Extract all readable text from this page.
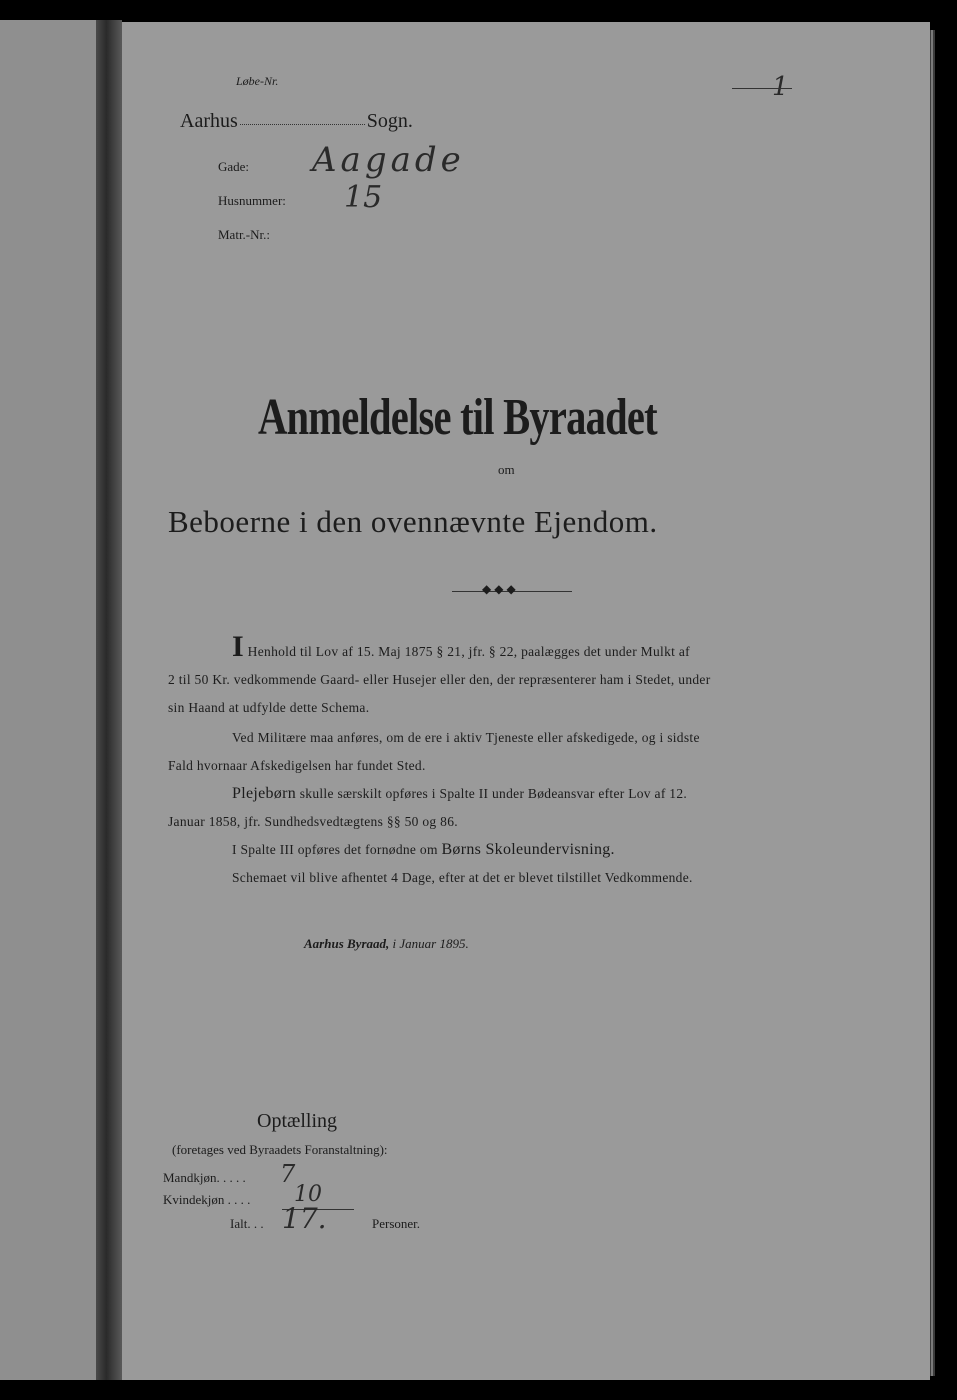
Løbe-Nr.	1
Aarhus	Sogn.
Gade: Aagade
Husnummer: 15
Matr.-Nr.:
Anmeldelse til Byraadet
om
Beboerne i den ovennævnte Ejendom.
◆◆◆
I Henhold til Lov af 15. Maj 1875 § 21, jfr. § 22, paalægges det under Mulkt af
2 til 50 Kr. vedkommende Gaard- eller Husejer eller den, der repræsenterer ham i Stedet, under
sin Haand at udfylde dette Schema.
Ved Militære maa anføres, om de ere i aktiv Tjeneste eller afskedigede, og i sidste
Fald hvornaar Afskedigelsen har fundet Sted.
Plejebørn skulle særskilt opføres i Spalte II under Bødeansvar efter Lov af 12.
Januar 1858, jfr. Sundhedsvedtægtens §§ 50 og 86.
I Spalte III opføres det fornødne om Børns Skoleundervisning.
Schemaet vil blive afhentet 4 Dage, efter at det er blevet tilstillet Vedkommende.
Aarhus Byraad, i Januar 1895.
Optælling
(foretages ved Byraadets Foranstaltning):
Mandkjøn. . . . . 7
Kvindekjøn . . . . 10
Ialt. . . 17.	Personer.
